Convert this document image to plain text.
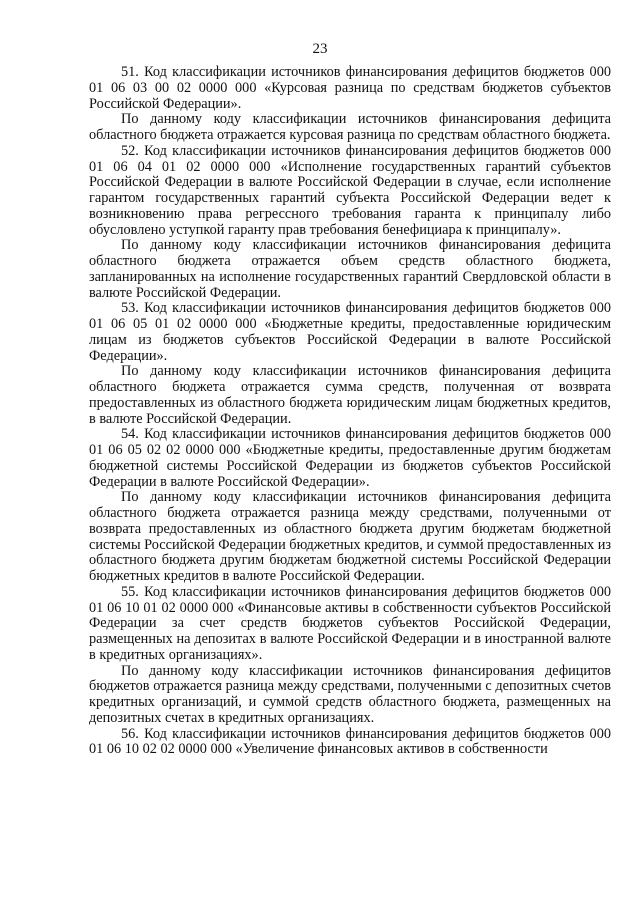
23

51. Код классификации источников финансирования дефицитов бюджетов 000 01 06 03 00 02 0000 000 «Курсовая разница по средствам бюджетов субъектов Российской Федерации».

По данному коду классификации источников финансирования дефицита областного бюджета отражается курсовая разница по средствам областного бюджета.

52. Код классификации источников финансирования дефицитов бюджетов 000 01 06 04 01 02 0000 000 «Исполнение государственных гарантий субъектов Российской Федерации в валюте Российской Федерации в случае, если исполнение гарантом государственных гарантий субъекта Российской Федерации ведет к возникновению права регрессного требования гаранта к принципалу либо обусловлено уступкой гаранту прав требования бенефициара к принципалу».

По данному коду классификации источников финансирования дефицита областного бюджета отражается объем средств областного бюджета, запланированных на исполнение государственных гарантий Свердловской области в валюте Российской Федерации.

53. Код классификации источников финансирования дефицитов бюджетов 000 01 06 05 01 02 0000 000 «Бюджетные кредиты, предоставленные юридическим лицам из бюджетов субъектов Российской Федерации в валюте Российской Федерации».

По данному коду классификации источников финансирования дефицита областного бюджета отражается сумма средств, полученная от возврата предоставленных из областного бюджета юридическим лицам бюджетных кредитов, в валюте Российской Федерации.

54. Код классификации источников финансирования дефицитов бюджетов 000 01 06 05 02 02 0000 000 «Бюджетные кредиты, предоставленные другим бюджетам бюджетной системы Российской Федерации из бюджетов субъектов Российской Федерации в валюте Российской Федерации».

По данному коду классификации источников финансирования дефицита областного бюджета отражается разница между средствами, полученными от возврата предоставленных из областного бюджета другим бюджетам бюджетной системы Российской Федерации бюджетных кредитов, и суммой предоставленных из областного бюджета другим бюджетам бюджетной системы Российской Федерации бюджетных кредитов в валюте Российской Федерации.

55. Код классификации источников финансирования дефицитов бюджетов 000 01 06 10 01 02 0000 000 «Финансовые активы в собственности субъектов Российской Федерации за счет средств бюджетов субъектов Российской Федерации, размещенных на депозитах в валюте Российской Федерации и в иностранной валюте в кредитных организациях».

По данному коду классификации источников финансирования дефицитов бюджетов отражается разница между средствами, полученными с депозитных счетов кредитных организаций, и суммой средств областного бюджета, размещенных на депозитных счетах в кредитных организациях.

56. Код классификации источников финансирования дефицитов бюджетов 000 01 06 10 02 02 0000 000 «Увеличение финансовых активов в собственности
